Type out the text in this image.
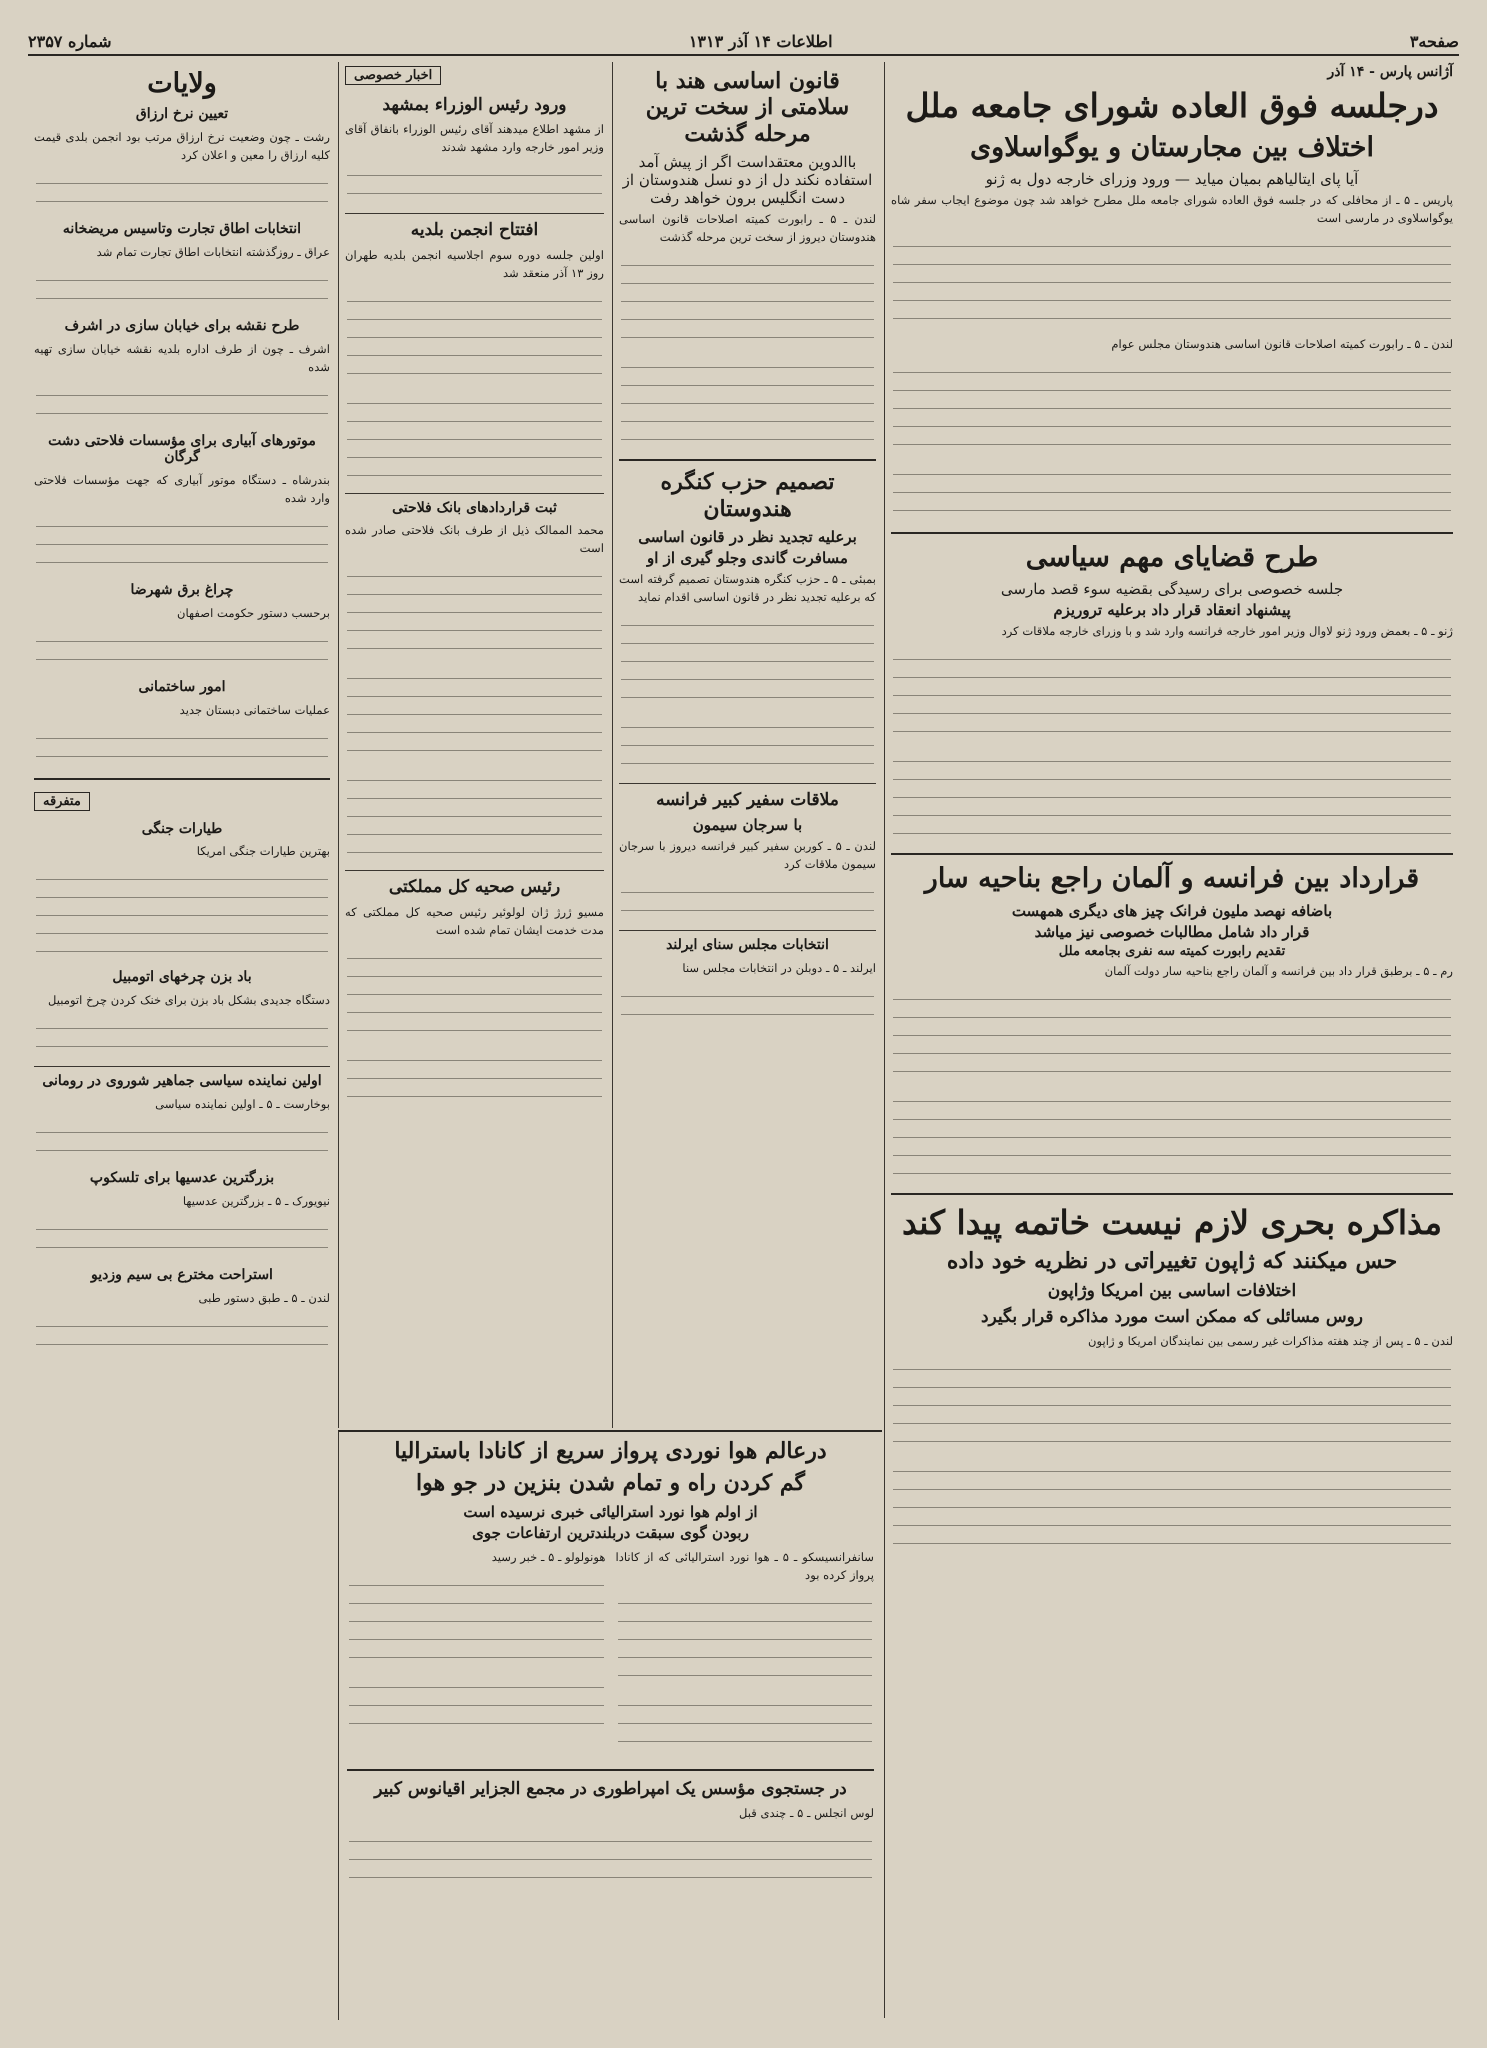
صفحه۳
اطلاعات ۱۴ آذر ۱۳۱۳
شماره ۲۳۵۷
آژانس پارس - ۱۴ آذر
درجلسه فوق العاده شورای جامعه ملل
اختلاف بین مجارستان و یوگواسلاوی
آیا پای ایتالیاهم بمیان میاید — ورود وزرای خارجه دول به ژنو
پاریس ـ ۵ ـ از محافلی که در جلسه فوق العاده شورای جامعه ملل مطرح خواهد شد چون موضوع ایجاب سفر شاه یوگواسلاوی در مارسی است
لندن ـ ۵ ـ رابورت کمیته اصلاحات قانون اساسی هندوستان مجلس عوام
طرح قضایای مهم سیاسی
جلسه خصوصی برای رسیدگی بقضیه سوء قصد مارسی
پیشنهاد انعقاد قرار داد برعلیه تروریزم
ژنو ـ ۵ ـ بعمض ورود ژنو لاوال وزیر امور خارجه فرانسه وارد شد و با وزرای خارجه ملاقات کرد
قرارداد بین فرانسه و آلمان راجع بناحیه سار
باضافه نهصد ملیون فرانک چیز های دیگری همهست
قرار داد شامل مطالبات خصوصی نیز میاشد
تقدیم رابورت کمیته سه نفری بجامعه ملل
رم ـ ۵ ـ برطبق قرار داد بین فرانسه و آلمان راجع بناحیه سار دولت آلمان
مذاکره بحری لازم نیست خاتمه پیدا کند
حس میکنند که ژاپون تغییراتی در نظریه خود داده
اختلافات اساسی بین امریکا وژاپون
روس مسائلی که ممکن است مورد مذاکره قرار بگیرد
لندن ـ ۵ ـ پس از چند هفته مذاکرات غیر رسمی بین نمایندگان امریکا و ژاپون
قانون اساسی هند با سلامتی از سخت ترین مرحله گذشت
باالدوین معتقداست اگر از پیش آمد استفاده نکند دل از دو نسل هندوستان از دست انگلیس برون خواهد رفت
لندن ـ ۵ ـ رابورت کمیته اصلاحات قانون اساسی هندوستان دیروز از سخت ترین مرحله گذشت
تصمیم حزب کنگره هندوستان
برعلیه تجدید نظر در قانون اساسی
مسافرت گاندی وجلو گیری از او
بمبئی ـ ۵ ـ حزب کنگره هندوستان تصمیم گرفته است که برعلیه تجدید نظر در قانون اساسی اقدام نماید
ملاقات سفیر کبیر فرانسه
با سرجان سیمون
لندن ـ ۵ ـ کوربن سفیر کبیر فرانسه دیروز با سرجان سیمون ملاقات کرد
انتخابات مجلس سنای ایرلند
ایرلند ـ ۵ ـ دوبلن در انتخابات مجلس سنا
اخبار خصوصی
ورود رئیس الوزراء بمشهد
از مشهد اطلاع میدهند آقای رئیس الوزراء بانفاق آقای وزیر امور خارجه وارد مشهد شدند
افتتاح انجمن بلدیه
اولین جلسه دوره سوم اجلاسیه انجمن بلدیه طهران روز ۱۳ آذر منعقد شد
ثبت قراردادهای بانک فلاحتی
محمد الممالک ذیل از طرف بانک فلاحتی صادر شده است
رئیس صحیه کل مملکتی
مسیو ژرژ ژان لولوئیر رئیس صحیه کل مملکتی که مدت خدمت ایشان تمام شده است
ولایات
تعیین نرخ ارزاق
رشت ـ چون وضعیت نرخ ارزاق مرتب بود انجمن بلدی قیمت کلیه ارزاق را معین و اعلان کرد
انتخابات اطاق تجارت وتاسیس مریضخانه
عراق ـ روزگذشته انتخابات اطاق تجارت تمام شد
طرح نقشه برای خیابان سازی در اشرف
اشرف ـ چون از طرف اداره بلدیه نقشه خیابان سازی تهیه شده
موتورهای آبیاری برای مؤسسات فلاحتی دشت گرگان
بندرشاه ـ دستگاه موتور آبیاری که جهت مؤسسات فلاحتی وارد شده
چراغ برق شهرضا
برحسب دستور حکومت اصفهان
امور ساختمانی
عملیات ساختمانی دبستان جدید
متفرقه
طیارات جنگی
بهترین طیارات جنگی امریکا
باد بزن چرخهای اتومبیل
دستگاه جدیدی بشکل باد بزن برای خنک کردن چرخ اتومبیل
اولین نماینده سیاسی جماهیر شوروی در رومانی
بوخارست ـ ۵ ـ اولین نماینده سیاسی
بزرگترین عدسیها برای تلسکوپ
نیویورک ـ ۵ ـ بزرگترین عدسیها
استراحت مخترع بی سیم وزدیو
لندن ـ ۵ ـ طبق دستور طبی
درعالم هوا نوردی پرواز سریع از کانادا باسترالیا
گم کردن راه و تمام شدن بنزین در جو هوا
از اولم هوا نورد استرالیائی خبری نرسیده است
ربودن گوی سبقت دربلندترین ارتفاعات جوی
سانفرانسیسکو ـ ۵ ـ هوا نورد استرالیائی که از کانادا پرواز کرده بود
هونولولو ـ ۵ ـ خبر رسید
در جستجوی مؤسس یک امپراطوری در مجمع الجزایر اقیانوس کبیر
لوس انجلس ـ ۵ ـ چندی قبل
